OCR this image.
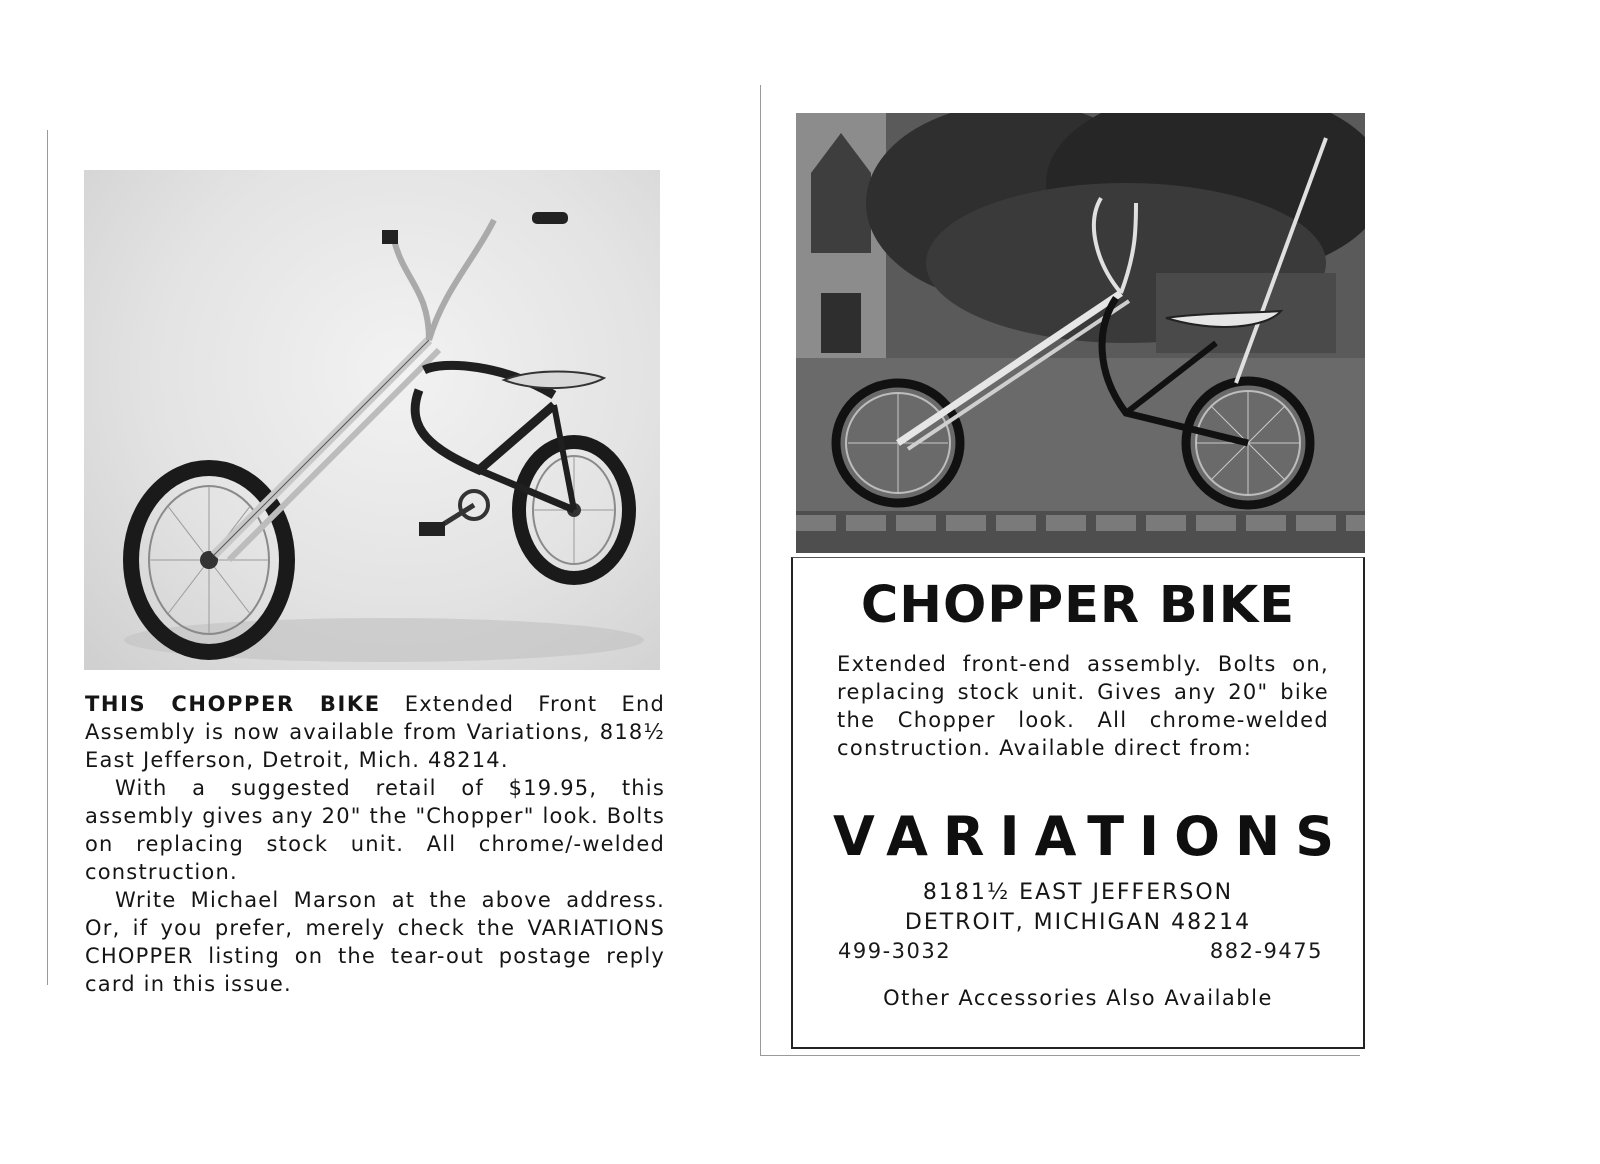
THIS CHOPPER BIKE Extended Front End Assembly is now available from Variations, 818½ East Jefferson, Detroit, Mich. 48214.

With a suggested retail of $19.95, this assembly gives any 20" the "Chopper" look. Bolts on replacing stock unit. All chrome/-welded construction.

Write Michael Marson at the above address. Or, if you prefer, merely check the VARIATIONS CHOPPER listing on the tear-out postage reply card in this issue.

CHOPPER BIKE

Extended front-end assembly. Bolts on, replacing stock unit. Gives any 20" bike the Chopper look. All chrome-welded construction. Available direct from:

VARIATIONS
8181½ EAST JEFFERSON
DETROIT, MICHIGAN 48214
499-3032	882-9475
Other Accessories Also Available
